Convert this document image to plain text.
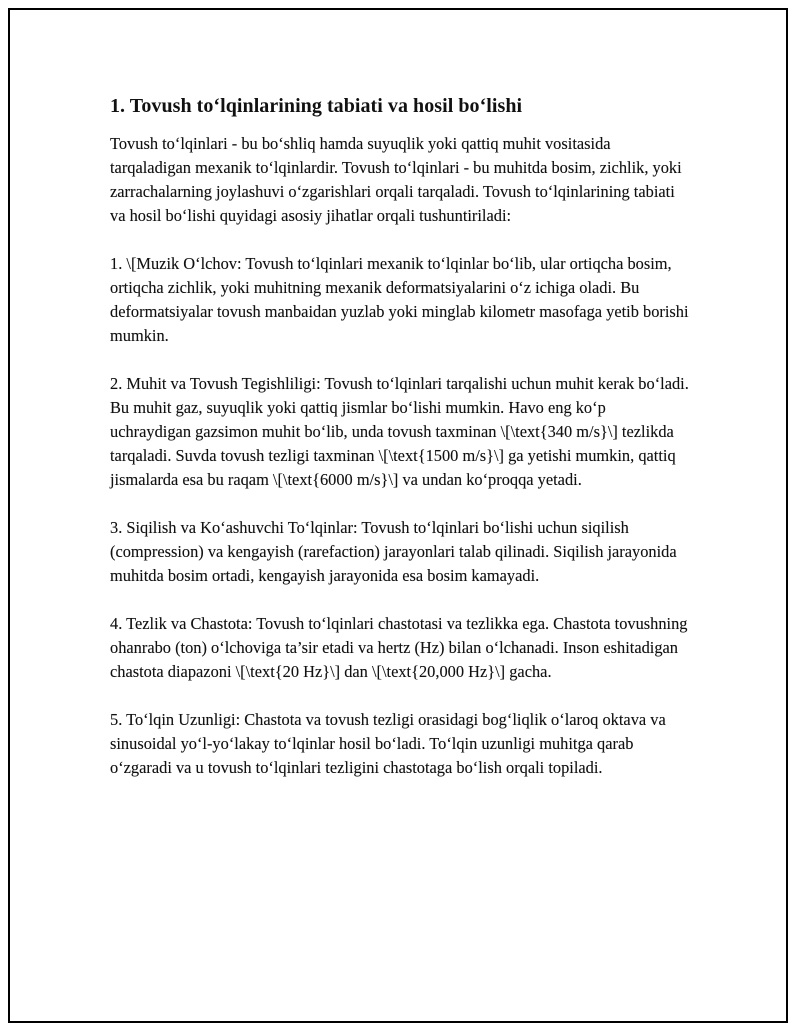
1. Tovush to‘lqinlarining tabiati va hosil bo‘lishi

Tovush to‘lqinlari - bu bo‘shliq hamda suyuqlik yoki qattiq muhit vositasida tarqaladigan mexanik to‘lqinlardir. Tovush to‘lqinlari - bu muhitda bosim, zichlik, yoki zarrachalarning joylashuvi o‘zgarishlari orqali tarqaladi. Tovush to‘lqinlarining tabiati va hosil bo‘lishi quyidagi asosiy jihatlar orqali tushuntiriladi:

1. \[Muzik O‘lchov: Tovush to‘lqinlari mexanik to‘lqinlar bo‘lib, ular ortiqcha bosim, ortiqcha zichlik, yoki muhitning mexanik deformatsiyalarini o‘z ichiga oladi. Bu deformatsiyalar tovush manbaidan yuzlab yoki minglab kilometr masofaga yetib borishi mumkin.

2. Muhit va Tovush Tegishliligi: Tovush to‘lqinlari tarqalishi uchun muhit kerak bo‘ladi. Bu muhit gaz, suyuqlik yoki qattiq jismlar bo‘lishi mumkin. Havo eng ko‘p uchraydigan gazsimon muhit bo‘lib, unda tovush taxminan \[\text{340 m/s}\] tezlikda tarqaladi. Suvda tovush tezligi taxminan \[\text{1500 m/s}\] ga yetishi mumkin, qattiq jismalarda esa bu raqam \[\text{6000 m/s}\] va undan ko‘proqqa yetadi.

3. Siqilish va Ko‘ashuvchi To‘lqinlar: Tovush to‘lqinlari bo‘lishi uchun siqilish (compression) va kengayish (rarefaction) jarayonlari talab qilinadi. Siqilish jarayonida muhitda bosim ortadi, kengayish jarayonida esa bosim kamayadi.

4. Tezlik va Chastota: Tovush to‘lqinlari chastotasi va tezlikka ega. Chastota tovushning ohanrabo (ton) o‘lchoviga ta’sir etadi va hertz (Hz) bilan o‘lchanadi. Inson eshitadigan chastota diapazoni \[\text{20 Hz}\] dan \[\text{20,000 Hz}\] gacha.

5. To‘lqin Uzunligi: Chastota va tovush tezligi orasidagi bog‘liqlik o‘laroq oktava va sinusoidal yo‘l-yo‘lakay to‘lqinlar hosil bo‘ladi. To‘lqin uzunligi muhitga qarab o‘zgaradi va u tovush to‘lqinlari tezligini chastotaga bo‘lish orqali topiladi.
